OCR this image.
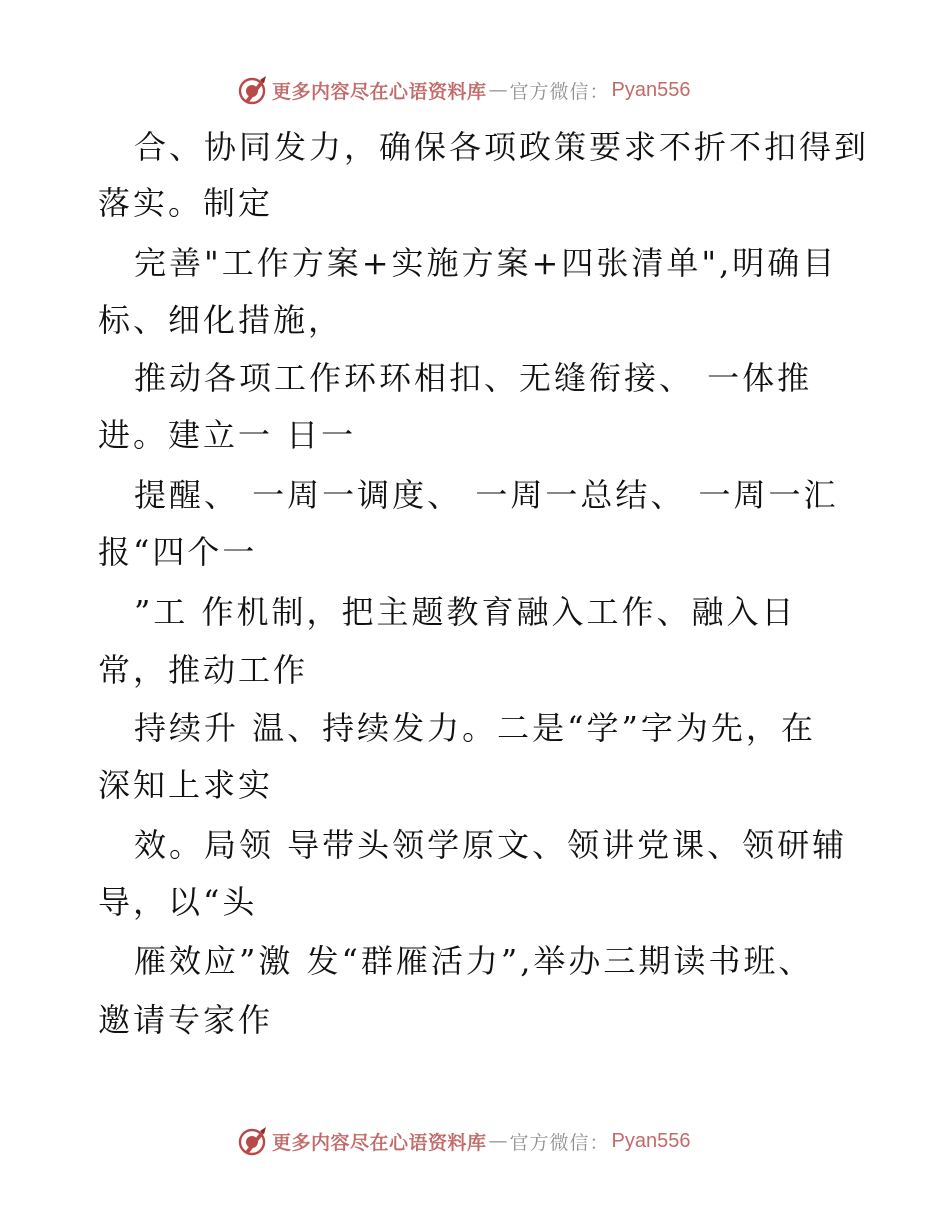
更多内容尽在心语资料库 — 官方微信： Pyan556
合、协同发力，确保各项政策要求不折不扣得到
落实。制定
完善"工作方案+实施方案+四张清单",明确目
标、细化措施，
推动各项工作环环相扣、无缝衔接、 一体推
进。建立一 日一
提醒、 一周一调度、 一周一总结、 一周一汇
报“四个一
”工 作机制，把主题教育融入工作、融入日
常，推动工作
持续升 温、持续发力。二是“学”字为先，在
深知上求实
效。局领 导带头领学原文、领讲党课、领研辅
导，以“头
雁效应”激 发“群雁活力”,举办三期读书班、
邀请专家作
更多内容尽在心语资料库 — 官方微信： Pyan556
